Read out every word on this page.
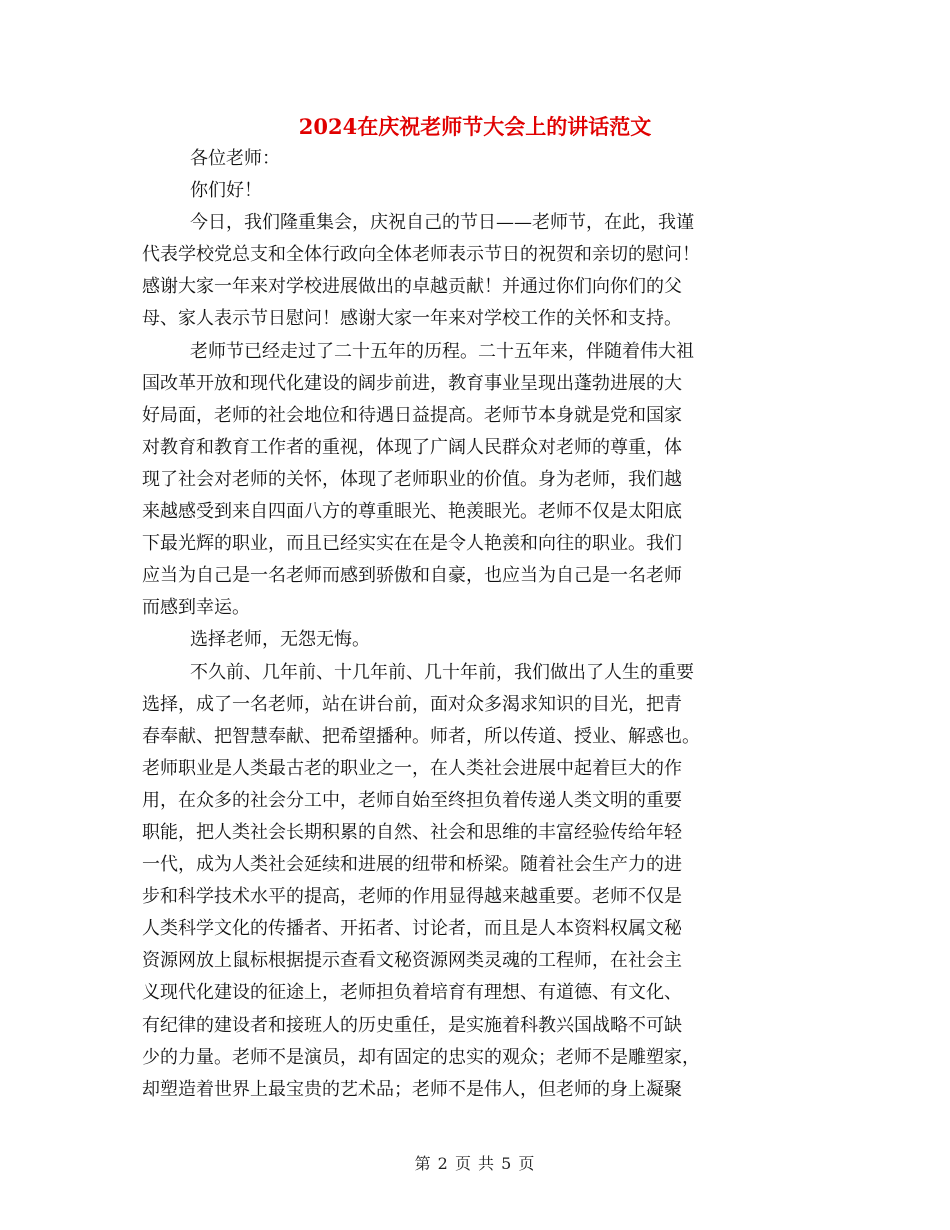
2024在庆祝老师节大会上的讲话范文
各位老师：
你们好！
今日，我们隆重集会，庆祝自己的节日——老师节，在此，我谨
代表学校党总支和全体行政向全体老师表示节日的祝贺和亲切的慰问！
感谢大家一年来对学校进展做出的卓越贡献！并通过你们向你们的父
母、家人表示节日慰问！感谢大家一年来对学校工作的关怀和支持。
老师节已经走过了二十五年的历程。二十五年来，伴随着伟大祖
国改革开放和现代化建设的阔步前进，教育事业呈现出蓬勃进展的大
好局面，老师的社会地位和待遇日益提高。老师节本身就是党和国家
对教育和教育工作者的重视，体现了广阔人民群众对老师的尊重，体
现了社会对老师的关怀，体现了老师职业的价值。身为老师，我们越
来越感受到来自四面八方的尊重眼光、艳羡眼光。老师不仅是太阳底
下最光辉的职业，而且已经实实在在是令人艳羡和向往的职业。我们
应当为自己是一名老师而感到骄傲和自豪，也应当为自己是一名老师
而感到幸运。
选择老师，无怨无悔。
不久前、几年前、十几年前、几十年前，我们做出了人生的重要
选择，成了一名老师，站在讲台前，面对众多渴求知识的目光，把青
春奉献、把智慧奉献、把希望播种。师者，所以传道、授业、解惑也。
老师职业是人类最古老的职业之一，在人类社会进展中起着巨大的作
用，在众多的社会分工中，老师自始至终担负着传递人类文明的重要
职能，把人类社会长期积累的自然、社会和思维的丰富经验传给年轻
一代，成为人类社会延续和进展的纽带和桥梁。随着社会生产力的进
步和科学技术水平的提高，老师的作用显得越来越重要。老师不仅是
人类科学文化的传播者、开拓者、讨论者，而且是人本资料权属文秘
资源网放上鼠标根据提示查看文秘资源网类灵魂的工程师，在社会主
义现代化建设的征途上，老师担负着培育有理想、有道德、有文化、
有纪律的建设者和接班人的历史重任，是实施着科教兴国战略不可缺
少的力量。老师不是演员，却有固定的忠实的观众；老师不是雕塑家，
却塑造着世界上最宝贵的艺术品；老师不是伟人，但老师的身上凝聚
第 2 页 共 5 页
